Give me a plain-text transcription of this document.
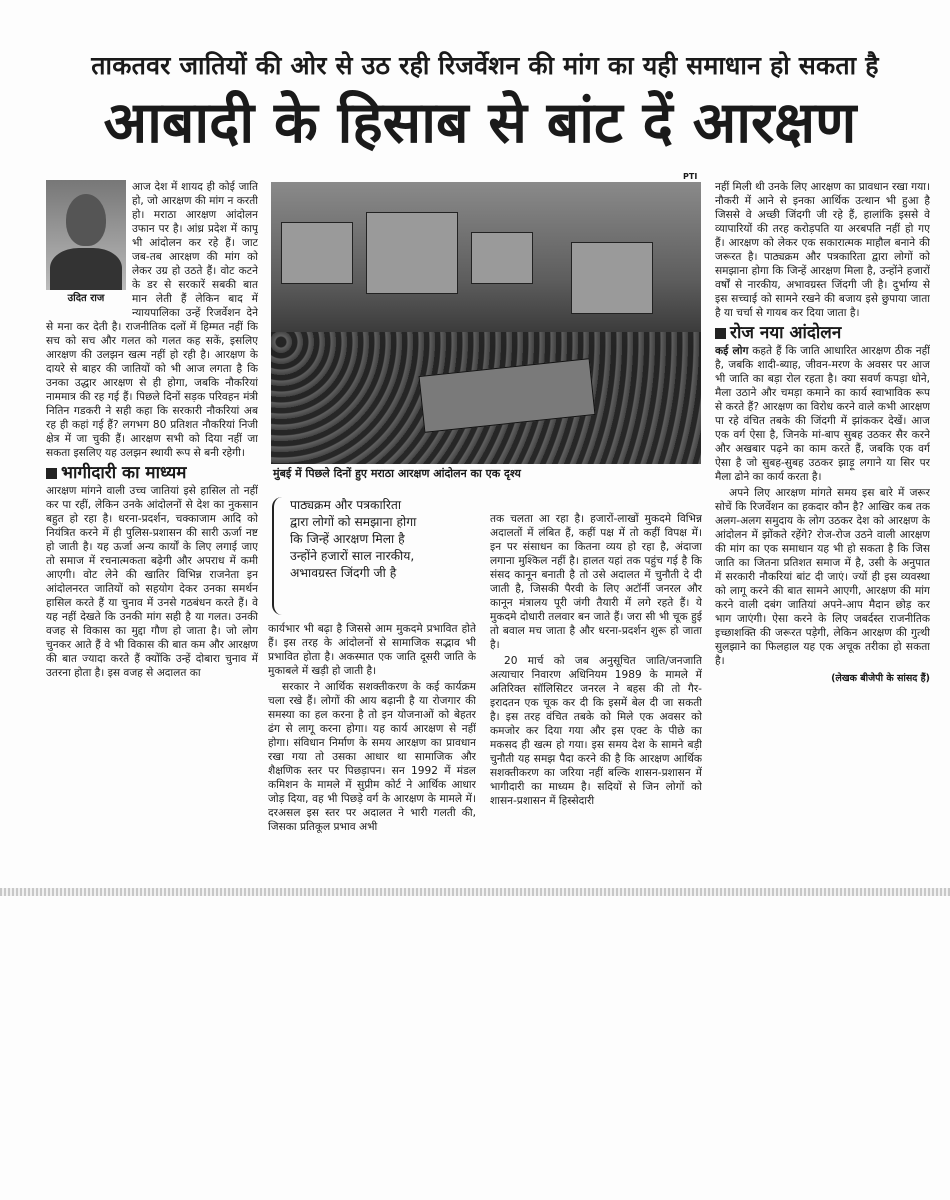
ताकतवर जातियों की ओर से उठ रही रिजर्वेशन की मांग का यही समाधान हो सकता है
आबादी के हिसाब से बांट दें आरक्षण
उदित राज

आज देश में शायद ही कोई जाति हो, जो आरक्षण की मांग न करती हो। मराठा आरक्षण आंदोलन उफान पर है। आंध्र प्रदेश में कापू भी आंदोलन कर रहे हैं। जाट जब-तब आरक्षण की मांग को लेकर उग्र हो उठते हैं। वोट कटने के डर से सरकारें सबकी बात मान लेती हैं लेकिन बाद में न्यायपालिका उन्हें रिजर्वेशन देने से मना कर देती है। राजनीतिक दलों में हिम्मत नहीं कि सच को सच और गलत को गलत कह सकें, इसलिए आरक्षण की उलझन खत्म नहीं हो रही है। आरक्षण के दायरे से बाहर की जातियों को भी आज लगता है कि उनका उद्धार आरक्षण से ही होगा, जबकि नौकरियां नाममात्र की रह गई हैं। पिछले दिनों सड़क परिवहन मंत्री नितिन गडकरी ने सही कहा कि सरकारी नौकरियां अब रह ही कहां गई हैं? लगभग 80 प्रतिशत नौकरियां निजी क्षेत्र में जा चुकी हैं। आरक्षण सभी को दिया नहीं जा सकता इसलिए यह उलझन स्थायी रूप से बनी रहेगी।

भागीदारी का माध्यम

आरक्षण मांगने वाली उच्च जातियां इसे हासिल तो नहीं कर पा रहीं, लेकिन उनके आंदोलनों से देश का नुकसान बहुत हो रहा है। धरना-प्रदर्शन, चक्काजाम आदि को नियंत्रित करने में ही पुलिस-प्रशासन की सारी ऊर्जा नष्ट हो जाती है। यह ऊर्जा अन्य कार्यों के लिए लगाई जाए तो समाज में रचनात्मकता बढ़ेगी और अपराध में कमी आएगी। वोट लेने की खातिर विभिन्न राजनेता इन आंदोलनरत जातियों को सहयोग देकर उनका समर्थन हासिल करते हैं या चुनाव में उनसे गठबंधन करते हैं। वे यह नहीं देखते कि उनकी मांग सही है या गलत। उनकी वजह से विकास का मुद्दा गौण हो जाता है। जो लोग चुनकर आते हैं वे भी विकास की बात कम और आरक्षण की बात ज्यादा करते हैं क्योंकि उन्हें दोबारा चुनाव में उतरना होता है। इस वजह से अदालत का

PTI
मुंबई में पिछले दिनों हुए मराठा आरक्षण आंदोलन का एक दृश्य
पाठ्यक्रम और पत्रकारिता
द्वारा लोगों को समझाना होगा
कि जिन्हें आरक्षण मिला है
उन्होंने हजारों साल नारकीय,
अभावग्रस्त जिंदगी जी है

कार्यभार भी बढ़ा है जिससे आम मुकदमे प्रभावित होते हैं। इस तरह के आंदोलनों से सामाजिक सद्भाव भी प्रभावित होता है। अकस्मात एक जाति दूसरी जाति के मुकाबले में खड़ी हो जाती है।

सरकार ने आर्थिक सशक्तीकरण के कई कार्यक्रम चला रखे हैं। लोगों की आय बढ़ानी है या रोजगार की समस्या का हल करना है तो इन योजनाओं को बेहतर ढंग से लागू करना होगा। यह कार्य आरक्षण से नहीं होगा। संविधान निर्माण के समय आरक्षण का प्रावधान रखा गया तो उसका आधार था सामाजिक और शैक्षणिक स्तर पर पिछड़ापन। सन 1992 में मंडल कमिशन के मामले में सुप्रीम कोर्ट ने आर्थिक आधार जोड़ दिया, वह भी पिछड़े वर्ग के आरक्षण के मामले में। दरअसल इस स्तर पर अदालत ने भारी गलती की, जिसका प्रतिकूल प्रभाव अभी

तक चलता आ रहा है। हजारों-लाखों मुकदमे विभिन्न अदालतों में लंबित हैं, कहीं पक्ष में तो कहीं विपक्ष में। इन पर संसाधन का कितना व्यय हो रहा है, अंदाजा लगाना मुश्किल नहीं है। हालत यहां तक पहुंच गई है कि संसद कानून बनाती है तो उसे अदालत में चुनौती दे दी जाती है, जिसकी पैरवी के लिए अटॉर्नी जनरल और कानून मंत्रालय पूरी जंगी तैयारी में लगे रहते हैं। ये मुकदमे दोधारी तलवार बन जाते हैं। जरा सी भी चूक हुई तो बवाल मच जाता है और धरना-प्रदर्शन शुरू हो जाता है।

20 मार्च को जब अनुसूचित जाति/जनजाति अत्याचार निवारण अधिनियम 1989 के मामले में अतिरिक्त सॉलिसिटर जनरल ने बहस की तो गैर-इरादतन एक चूक कर दी कि इसमें बेल दी जा सकती है। इस तरह वंचित तबके को मिले एक अवसर को कमजोर कर दिया गया और इस एक्ट के पीछे का मकसद ही खत्म हो गया। इस समय देश के सामने बड़ी चुनौती यह समझ पैदा करने की है कि आरक्षण आर्थिक सशक्तीकरण का जरिया नहीं बल्कि शासन-प्रशासन में भागीदारी का माध्यम है। सदियों से जिन लोगों को शासन-प्रशासन में हिस्सेदारी

नहीं मिली थी उनके लिए आरक्षण का प्रावधान रखा गया। नौकरी में आने से इनका आर्थिक उत्थान भी हुआ है जिससे वे अच्छी जिंदगी जी रहे हैं, हालांकि इससे वे व्यापारियों की तरह करोड़पति या अरबपति नहीं हो गए हैं। आरक्षण को लेकर एक सकारात्मक माहौल बनाने की जरूरत है। पाठ्यक्रम और पत्रकारिता द्वारा लोगों को समझाना होगा कि जिन्हें आरक्षण मिला है, उन्होंने हजारों वर्षों से नारकीय, अभावग्रस्त जिंदगी जी है। दुर्भाग्य से इस सच्चाई को सामने रखने की बजाय इसे छुपाया जाता है या चर्चा से गायब कर दिया जाता है।

रोज नया आंदोलन

कई लोग कहते हैं कि जाति आधारित आरक्षण ठीक नहीं है, जबकि शादी-ब्याह, जीवन-मरण के अवसर पर आज भी जाति का बड़ा रोल रहता है। क्या सवर्ण कपड़ा धोने, मैला उठाने और चमड़ा कमाने का कार्य स्वाभाविक रूप से करते हैं? आरक्षण का विरोध करने वाले कभी आरक्षण पा रहे वंचित तबके की जिंदगी में झांककर देखें। आज एक वर्ग ऐसा है, जिनके मां-बाप सुबह उठकर सैर करने और अखबार पढ़ने का काम करते हैं, जबकि एक वर्ग ऐसा है जो सुबह-सुबह उठकर झाड़ू लगाने या सिर पर मैला ढोने का कार्य करता है।

अपने लिए आरक्षण मांगते समय इस बारे में जरूर सोचें कि रिजर्वेशन का हकदार कौन है? आखिर कब तक अलग-अलग समुदाय के लोग उठकर देश को आरक्षण के आंदोलन में झोंकते रहेंगे? रोज-रोज उठने वाली आरक्षण की मांग का एक समाधान यह भी हो सकता है कि जिस जाति का जितना प्रतिशत समाज में है, उसी के अनुपात में सरकारी नौकरियां बांट दी जाएं। ज्यों ही इस व्यवस्था को लागू करने की बात सामने आएगी, आरक्षण की मांग करने वाली दबंग जातियां अपने-आप मैदान छोड़ कर भाग जाएंगी। ऐसा करने के लिए जबर्दस्त राजनीतिक इच्छाशक्ति की जरूरत पड़ेगी, लेकिन आरक्षण की गुत्थी सुलझाने का फिलहाल यह एक अचूक तरीका हो सकता है।

(लेखक बीजेपी के सांसद हैं)
